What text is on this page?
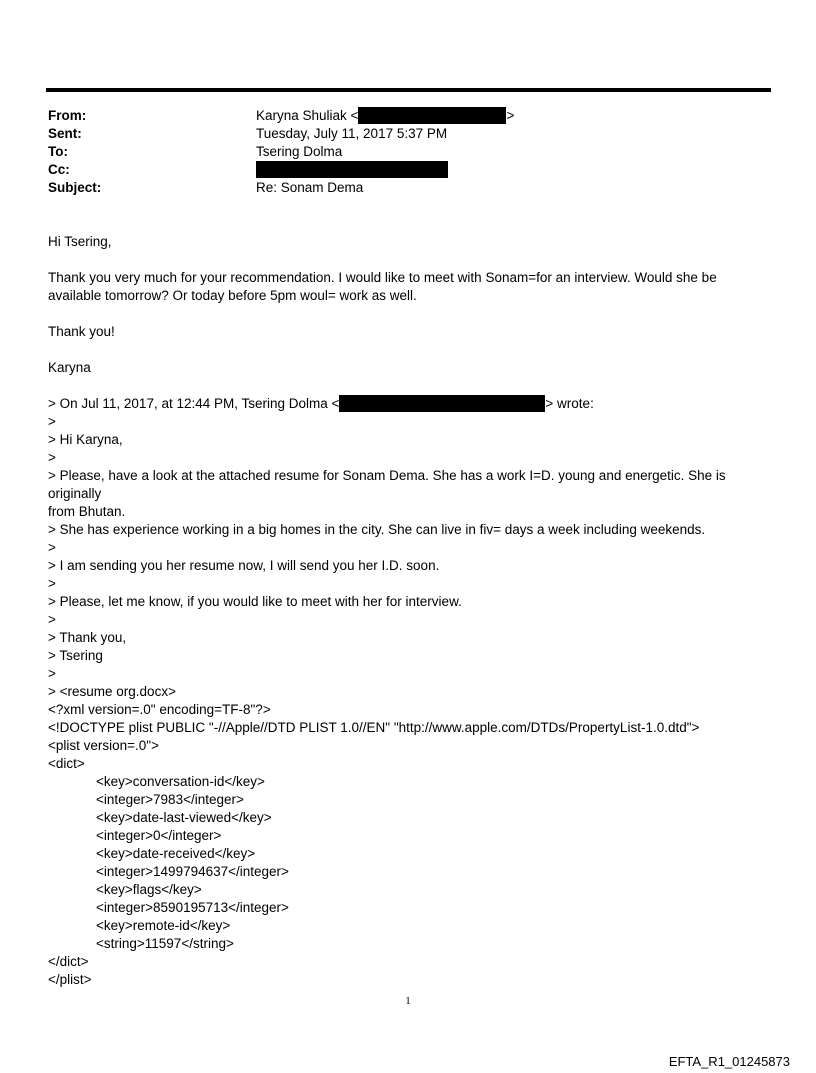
From:	Karyna Shuliak <	>
Sent:	Tuesday, July 11, 2017 5:37 PM
To:	Tsering Dolma
Cc:
Subject:	Re: Sonam Dema

Hi Tsering,

Thank you very much for your recommendation. I would like to meet with Sonam=for an interview. Would she be

available tomorrow? Or today before 5pm woul= work as well.

Thank you!

Karyna

> On Jul 11, 2017, at 12:44 PM, Tsering Dolma <t	> wrote:

>

> Hi Karyna,

>

> Please, have a look at the attached resume for Sonam Dema. She has a work I=D. young and energetic. She is originally

from Bhutan.

> She has experience working in a big homes in the city. She can live in fiv= days a week including weekends.

>

> I am sending you her resume now, I will send you her I.D. soon.

>

> Please, let me know, if you would like to meet with her for interview.

>

> Thank you,

> Tsering

>

> <resume org.docx>

<?xml version=.0" encoding=TF-8"?>

<!DOCTYPE plist PUBLIC "-//Apple//DTD PLIST 1.0//EN" "http://www.apple.com/DTDs/PropertyList-1.0.dtd">

<plist version=.0">

<dict>

<key>conversation-id</key>

<integer>7983</integer>

<key>date-last-viewed</key>

<integer>0</integer>

<key>date-received</key>

<integer>1499794637</integer>

<key>flags</key>

<integer>8590195713</integer>

<key>remote-id</key>

<string>11597</string>

</dict>

</plist>

1
EFTA_R1_01245873
